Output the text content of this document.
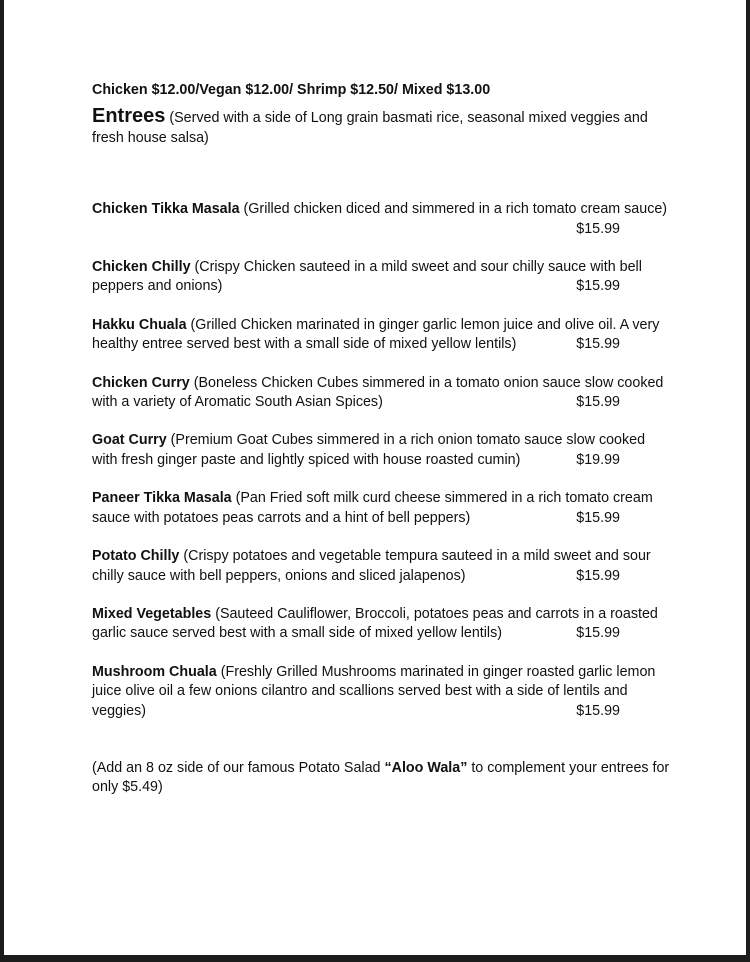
Chicken $12.00/Vegan $12.00/ Shrimp $12.50/ Mixed $13.00

Entrees (Served with a side of Long grain basmati rice, seasonal mixed veggies and fresh house salsa)

Chicken Tikka Masala (Grilled chicken diced and simmered in a rich tomato cream sauce)
$15.99
Chicken Chilly (Crispy Chicken sauteed in a mild sweet and sour chilly sauce with bell peppers and onions)	$15.99
Hakku Chuala (Grilled Chicken marinated in ginger garlic lemon juice and olive oil. A very healthy entree served best with a small side of mixed yellow lentils)	$15.99
Chicken Curry (Boneless Chicken Cubes simmered in a tomato onion sauce slow cooked with a variety of Aromatic South Asian Spices)	$15.99
Goat Curry (Premium Goat Cubes simmered in a rich onion tomato sauce slow cooked with fresh ginger paste and lightly spiced with house roasted cumin)	$19.99
Paneer Tikka Masala (Pan Fried soft milk curd cheese simmered in a rich tomato cream sauce with potatoes peas carrots and a hint of bell peppers)	$15.99
Potato Chilly (Crispy potatoes and vegetable tempura sauteed in a mild sweet and sour chilly sauce with bell peppers, onions and sliced jalapenos)	$15.99
Mixed Vegetables (Sauteed Cauliflower, Broccoli, potatoes peas and carrots in a roasted garlic sauce served best with a small side of mixed yellow lentils)	$15.99
Mushroom Chuala (Freshly Grilled Mushrooms marinated in ginger roasted garlic lemon juice olive oil a few onions cilantro and scallions served best with a side of lentils and veggies)	$15.99

(Add an 8 oz side of our famous Potato Salad “Aloo Wala” to complement your entrees for only $5.49)
